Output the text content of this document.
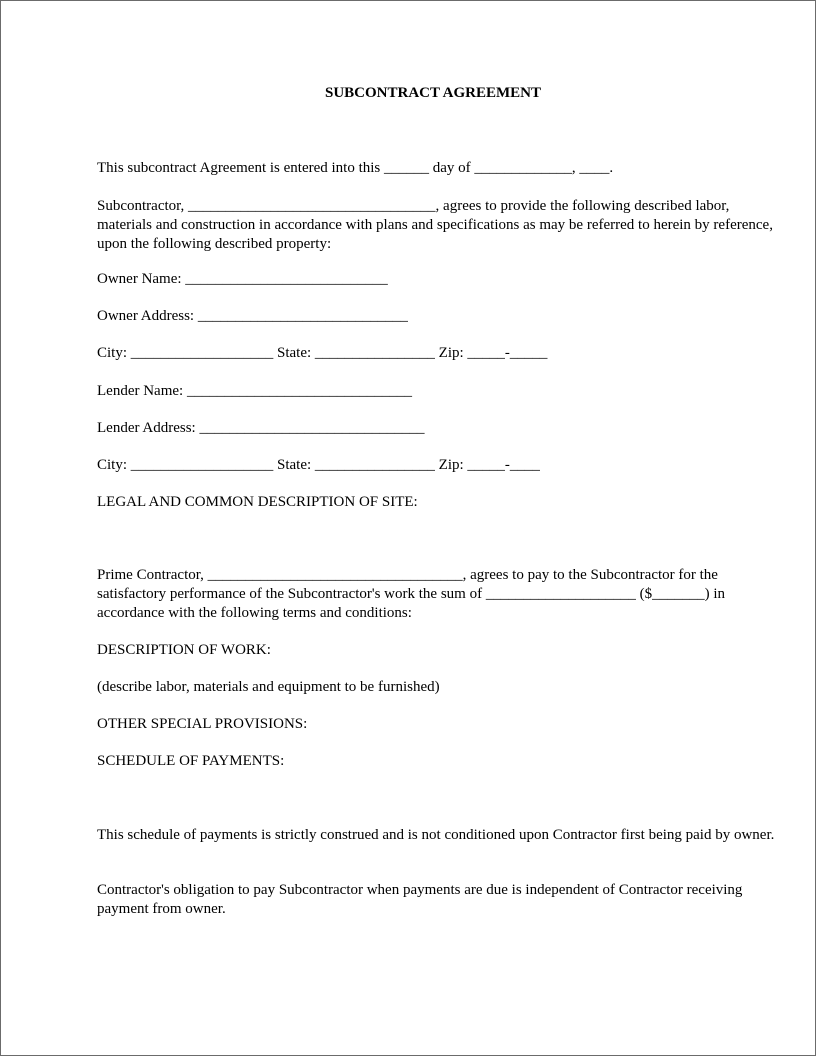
SUBCONTRACT AGREEMENT

This subcontract Agreement is entered into this ______ day of _____________, ____.

Subcontractor, _________________________________, agrees to provide the following described labor, materials and construction in accordance with plans and specifications as may be referred to herein by reference, upon the following described property:

Owner Name: ___________________________

Owner Address: ____________________________

City: ___________________ State: ________________ Zip: _____-_____

Lender Name: ______________________________

Lender Address: ______________________________

City: ___________________ State: ________________ Zip: _____-____

LEGAL AND COMMON DESCRIPTION OF SITE:

Prime Contractor, __________________________________, agrees to pay to the Subcontractor for the satisfactory performance of the Subcontractor's work the sum of ____________________ ($_______) in accordance with the following terms and conditions:

DESCRIPTION OF WORK:

(describe labor, materials and equipment to be furnished)

OTHER SPECIAL PROVISIONS:

SCHEDULE OF PAYMENTS:

This schedule of payments is strictly construed and is not conditioned upon Contractor first being paid by owner.

Contractor's obligation to pay Subcontractor when payments are due is independent of Contractor receiving payment from owner.
